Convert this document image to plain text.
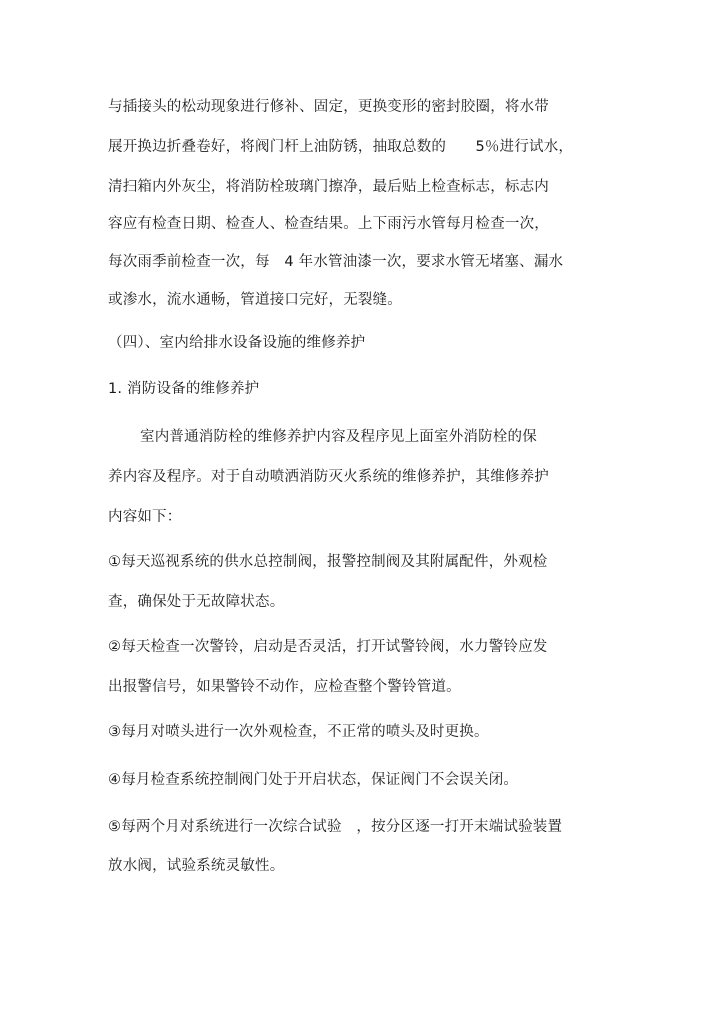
与插接头的松动现象进行修补、固定，更换变形的密封胶圈，将水带
展开换边折叠卷好，将阀门杆上油防锈，抽取总数的　　5％进行试水，
清扫箱内外灰尘，将消防栓玻璃门擦净，最后贴上检查标志，标志内
容应有检查日期、检查人、检查结果。上下雨污水管每月检查一次，
每次雨季前检查一次，每　4 年水管油漆一次，要求水管无堵塞、漏水
或渗水，流水通畅，管道接口完好，无裂缝。
（四）、室内给排水设备设施的维修养护
1. 消防设备的维修养护
室内普通消防栓的维修养护内容及程序见上面室外消防栓的保
养内容及程序。对于自动喷洒消防灭火系统的维修养护，其维修养护
内容如下：
①每天巡视系统的供水总控制阀，报警控制阀及其附属配件，外观检
查，确保处于无故障状态。
②每天检查一次警铃，启动是否灵活，打开试警铃阀，水力警铃应发
出报警信号，如果警铃不动作，应检查整个警铃管道。
③每月对喷头进行一次外观检查，不正常的喷头及时更换。
④每月检查系统控制阀门处于开启状态，保证阀门不会误关闭。
⑤每两个月对系统进行一次综合试验　，按分区逐一打开末端试验装置
放水阀，试验系统灵敏性。
